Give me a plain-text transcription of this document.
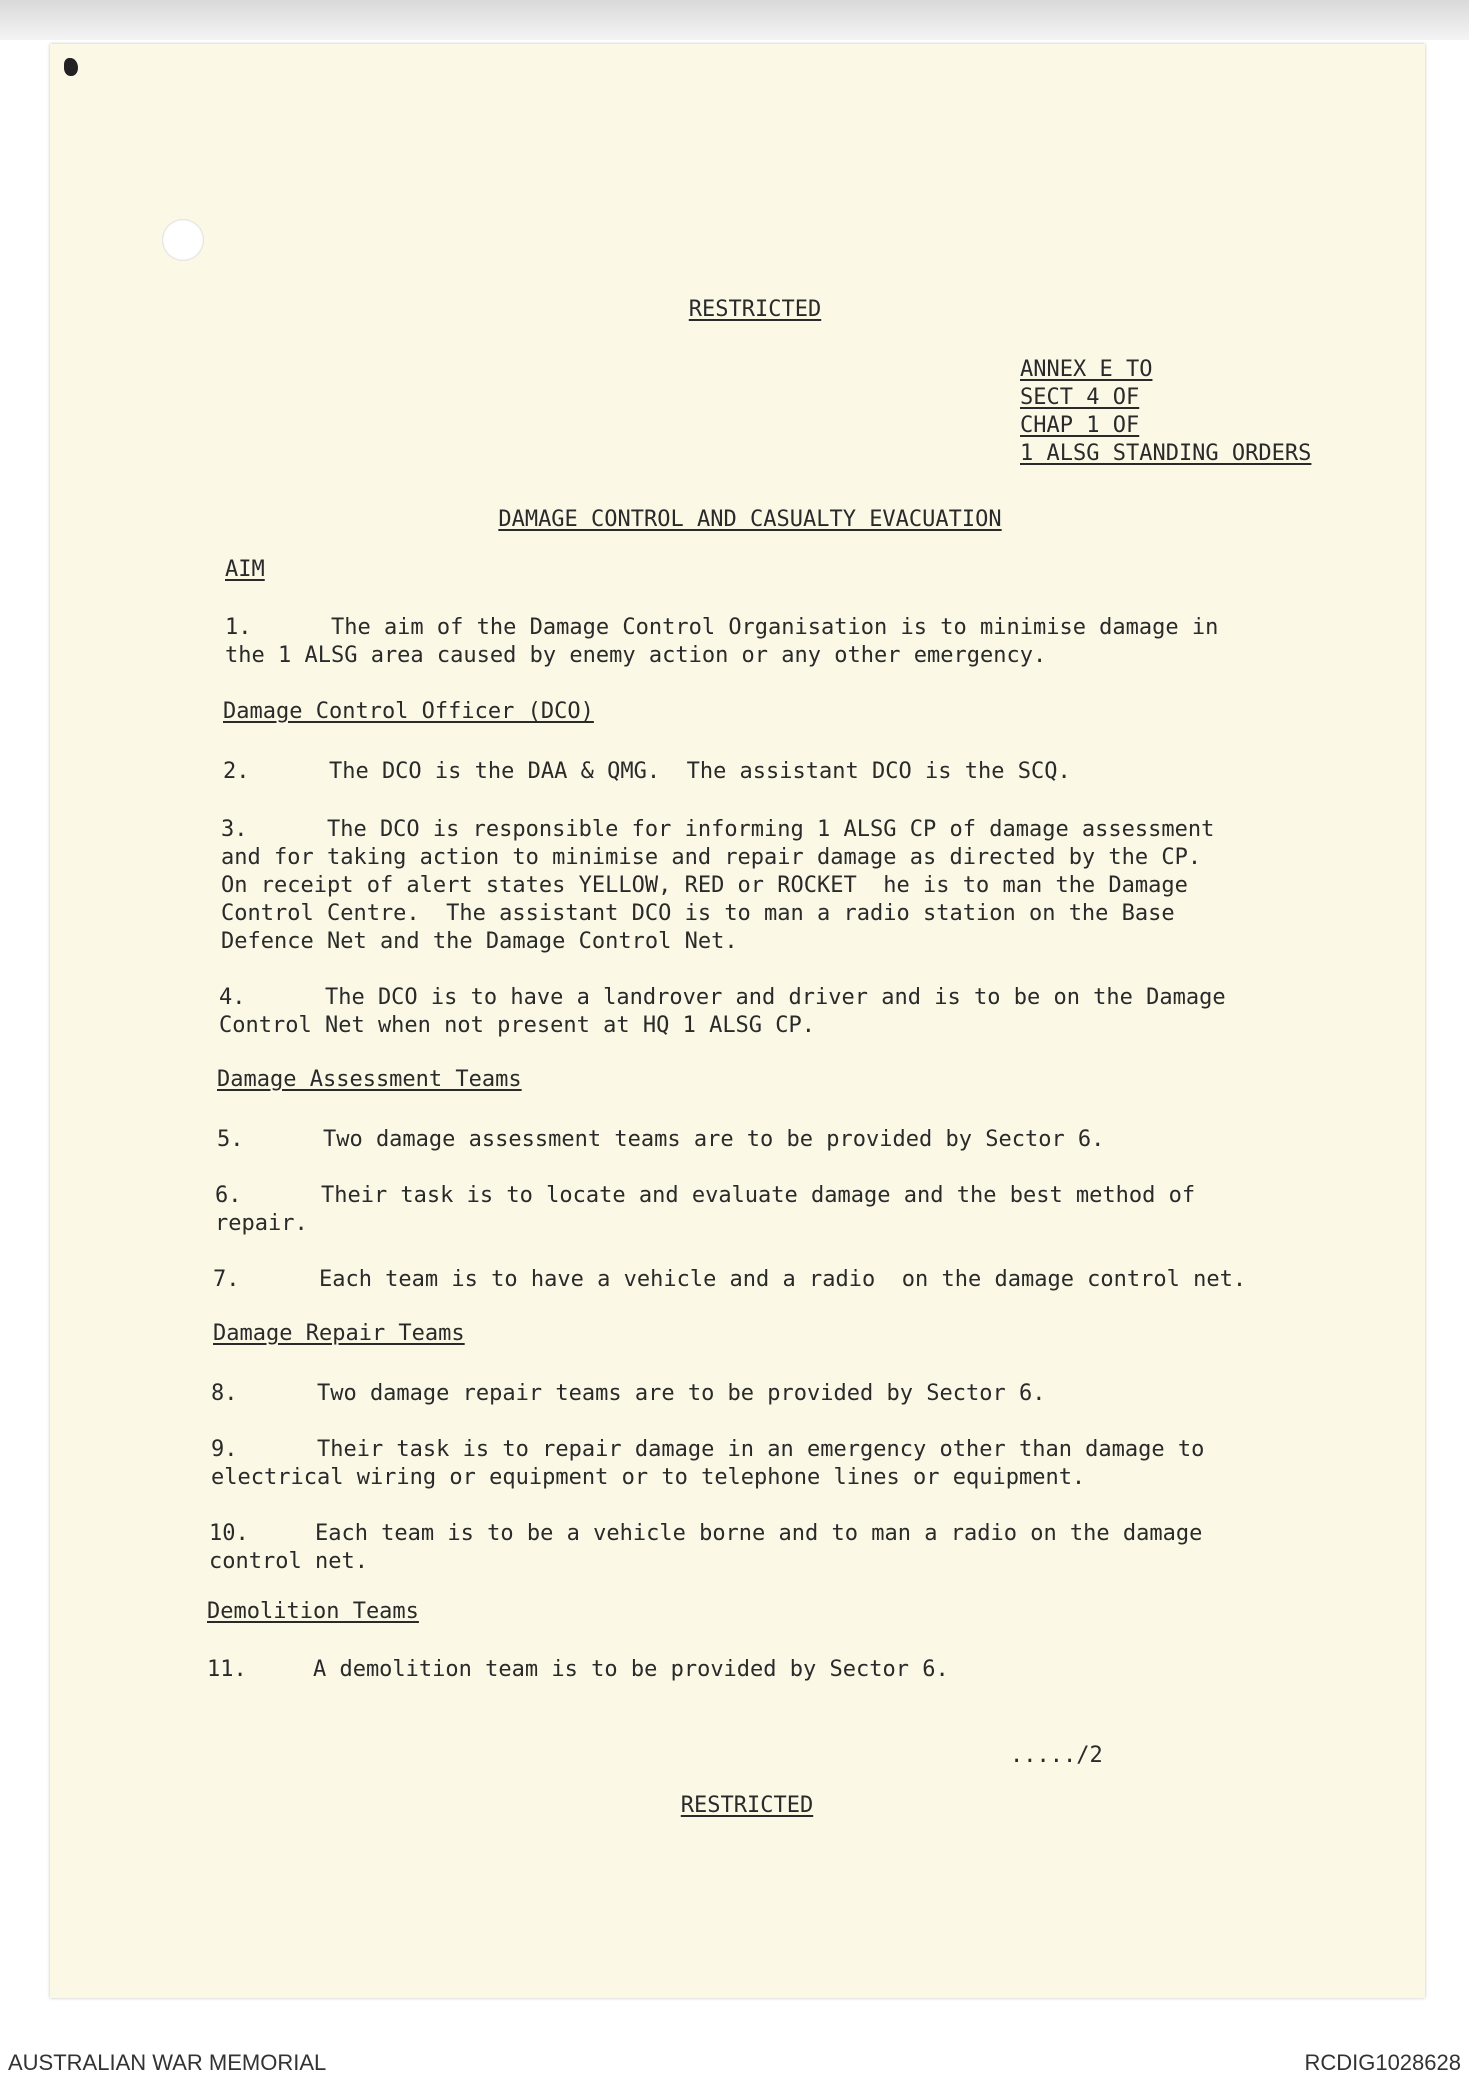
RESTRICTED

ANNEX E TO

SECT 4 OF

CHAP 1 OF

1 ALSG STANDING ORDERS

DAMAGE CONTROL AND CASUALTY EVACUATION

AIM

1.      The aim of the Damage Control Organisation is to minimise damage in

the 1 ALSG area caused by enemy action or any other emergency.

Damage Control Officer (DCO)

2.      The DCO is the DAA & QMG.  The assistant DCO is the SCQ.

3.      The DCO is responsible for informing 1 ALSG CP of damage assessment

and for taking action to minimise and repair damage as directed by the CP.

On receipt of alert states YELLOW, RED or ROCKET  he is to man the Damage

Control Centre.  The assistant DCO is to man a radio station on the Base

Defence Net and the Damage Control Net.

4.      The DCO is to have a landrover and driver and is to be on the Damage

Control Net when not present at HQ 1 ALSG CP.

Damage Assessment Teams

5.      Two damage assessment teams are to be provided by Sector 6.

6.      Their task is to locate and evaluate damage and the best method of

repair.

7.      Each team is to have a vehicle and a radio  on the damage control net.

Damage Repair Teams

8.      Two damage repair teams are to be provided by Sector 6.

9.      Their task is to repair damage in an emergency other than damage to

electrical wiring or equipment or to telephone lines or equipment.

10.     Each team is to be a vehicle borne and to man a radio on the damage

control net.

Demolition Teams

11.     A demolition team is to be provided by Sector 6.

...../2

RESTRICTED

AUSTRALIAN WAR MEMORIAL	RCDIG1028628
